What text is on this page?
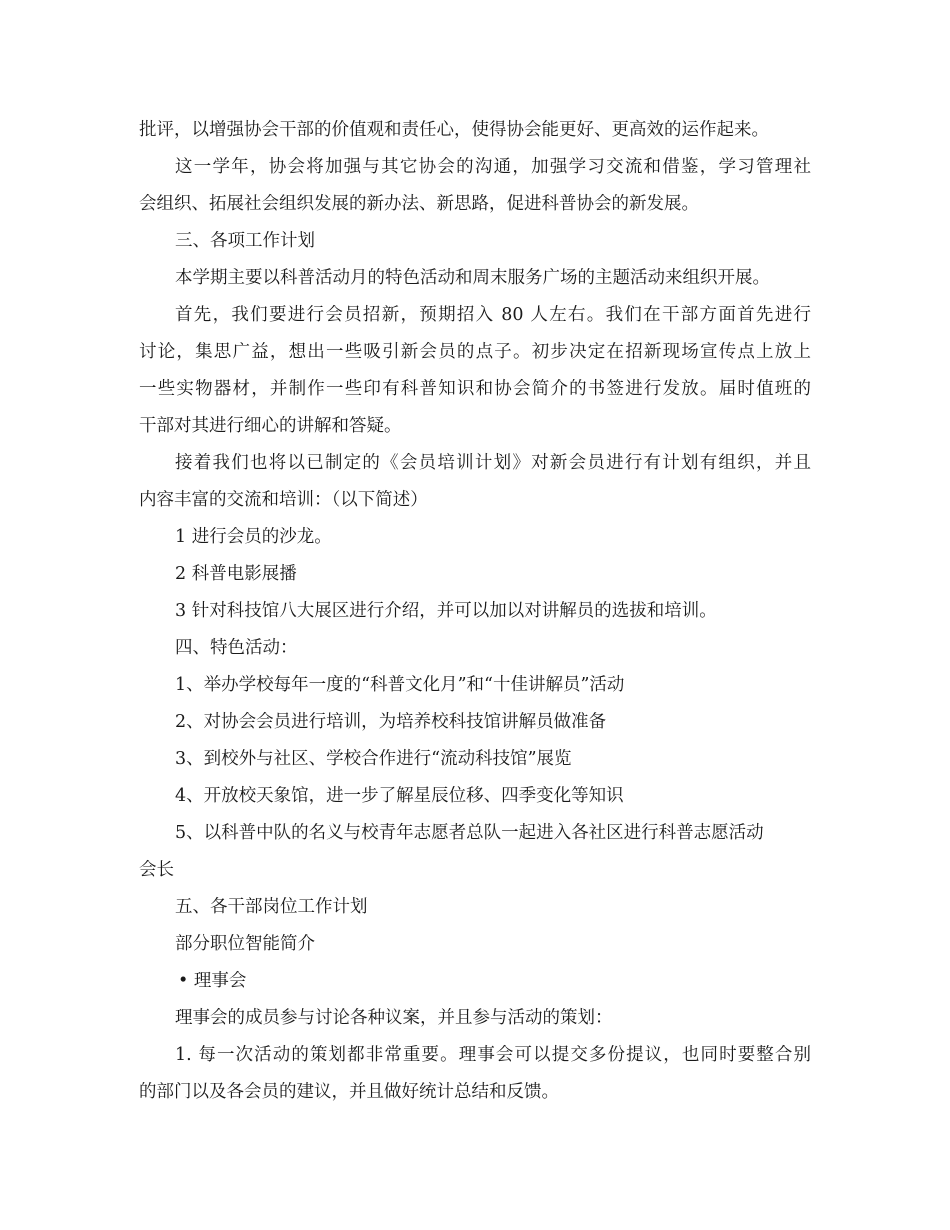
批评，以增强协会干部的价值观和责任心，使得协会能更好、更高效的运作起来。
这一学年，协会将加强与其它协会的沟通，加强学习交流和借鉴，学习管理社
会组织、拓展社会组织发展的新办法、新思路，促进科普协会的新发展。
三、各项工作计划
本学期主要以科普活动月的特色活动和周末服务广场的主题活动来组织开展。
首先，我们要进行会员招新，预期招入 80 人左右。我们在干部方面首先进行
讨论，集思广益，想出一些吸引新会员的点子。初步决定在招新现场宣传点上放上
一些实物器材，并制作一些印有科普知识和协会简介的书签进行发放。届时值班的
干部对其进行细心的讲解和答疑。
接着我们也将以已制定的《会员培训计划》对新会员进行有计划有组织，并且
内容丰富的交流和培训：（以下简述）
1 进行会员的沙龙。
2 科普电影展播
3 针对科技馆八大展区进行介绍，并可以加以对讲解员的选拔和培训。
四、特色活动：
1、举办学校每年一度的“科普文化月”和“十佳讲解员”活动
2、对协会会员进行培训，为培养校科技馆讲解员做准备
3、到校外与社区、学校合作进行“流动科技馆”展览
4、开放校天象馆，进一步了解星辰位移、四季变化等知识
5、以科普中队的名义与校青年志愿者总队一起进入各社区进行科普志愿活动
会长
五、各干部岗位工作计划
部分职位智能简介
• 理事会
理事会的成员参与讨论各种议案，并且参与活动的策划：
1. 每一次活动的策划都非常重要。理事会可以提交多份提议，也同时要整合别
的部门以及各会员的建议，并且做好统计总结和反馈。
